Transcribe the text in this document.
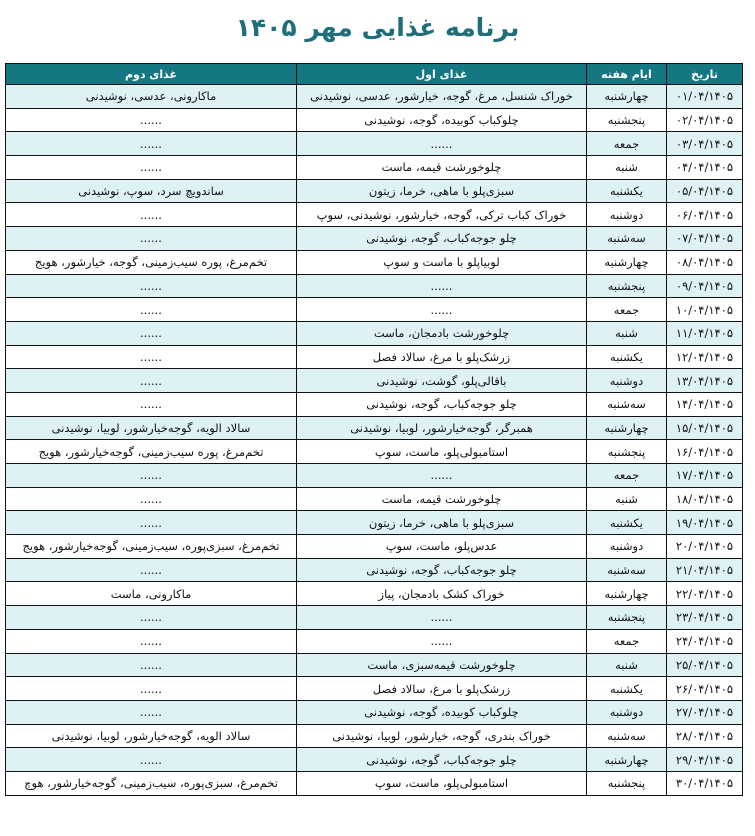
برنامه غذایی مهر ۱۴۰۵
تاریخ	ایام هفته	غذای اول	غذای دوم
۰۱/۰۴/۱۴۰۵	چهارشنبه	خوراک شنسل، مرغ، گوجه، خیارشور، عدسی، نوشیدنی	ماکارونی، عدسی، نوشیدنی
۰۲/۰۴/۱۴۰۵	پنجشنبه	چلوکباب کوبیده، گوجه، نوشیدنی	......
۰۳/۰۴/۱۴۰۵	جمعه	......	......
۰۴/۰۴/۱۴۰۵	شنبه	چلوخورشت قیمه، ماست	......
۰۵/۰۴/۱۴۰۵	یکشنبه	سبزی‌پلو با ماهی، خرما، زیتون	ساندویچ سرد، سوپ، نوشیدنی
۰۶/۰۴/۱۴۰۵	دوشنبه	خوراک کباب ترکی، گوجه، خیارشور، نوشیدنی، سوپ	......
۰۷/۰۴/۱۴۰۵	سه‌شنبه	چلو جوجه‌کباب، گوجه، نوشیدنی	......
۰۸/۰۴/۱۴۰۵	چهارشنبه	لوبیاپلو با ماست و سوپ	تخم‌مرغ، پوره سیب‌زمینی، گوجه، خیارشور، هویج
۰۹/۰۴/۱۴۰۵	پنجشنبه	......	......
۱۰/۰۴/۱۴۰۵	جمعه	......	......
۱۱/۰۴/۱۴۰۵	شنبه	چلوخورشت بادمجان، ماست	......
۱۲/۰۴/۱۴۰۵	یکشنبه	زرشک‌پلو با مرغ، سالاد فصل	......
۱۳/۰۴/۱۴۰۵	دوشنبه	باقالی‌پلو، گوشت، نوشیدنی	......
۱۴/۰۴/۱۴۰۵	سه‌شنبه	چلو جوجه‌کباب، گوجه، نوشیدنی	......
۱۵/۰۴/۱۴۰۵	چهارشنبه	همبرگر، گوجه‌خیارشور، لوبیا، نوشیدنی	سالاد الویه، گوجه‌خیارشور، لوبیا، نوشیدنی
۱۶/۰۴/۱۴۰۵	پنجشنبه	استامبولی‌پلو، ماست، سوپ	تخم‌مرغ، پوره سیب‌زمینی، گوجه‌خیارشور، هویج
۱۷/۰۴/۱۴۰۵	جمعه	......	......
۱۸/۰۴/۱۴۰۵	شنبه	چلوخورشت قیمه، ماست	......
۱۹/۰۴/۱۴۰۵	یکشنبه	سبزی‌پلو با ماهی، خرما، زیتون	......
۲۰/۰۴/۱۴۰۵	دوشنبه	عدس‌پلو، ماست، سوپ	تخم‌مرغ، سبزی‌پوره، سیب‌زمینی، گوجه‌خیارشور، هویج
۲۱/۰۴/۱۴۰۵	سه‌شنبه	چلو جوجه‌کباب، گوجه، نوشیدنی	......
۲۲/۰۴/۱۴۰۵	چهارشنبه	خوراک کشک بادمجان، پیاز	ماکارونی، ماست
۲۳/۰۴/۱۴۰۵	پنجشنبه	......	......
۲۴/۰۴/۱۴۰۵	جمعه	......	......
۲۵/۰۴/۱۴۰۵	شنبه	چلوخورشت قیمه‌سبزی، ماست	......
۲۶/۰۴/۱۴۰۵	یکشنبه	زرشک‌پلو با مرغ، سالاد فصل	......
۲۷/۰۴/۱۴۰۵	دوشنبه	چلوکباب کوبیده، گوجه، نوشیدنی	......
۲۸/۰۴/۱۴۰۵	سه‌شنبه	خوراک بندری، گوجه، خیارشور، لوبیا، نوشیدنی	سالاد الویه، گوجه‌خیارشور، لوبیا، نوشیدنی
۲۹/۰۴/۱۴۰۵	چهارشنبه	چلو جوجه‌کباب، گوجه، نوشیدنی	......
۳۰/۰۴/۱۴۰۵	پنجشنبه	استامبولی‌پلو، ماست، سوپ	تخم‌مرغ، سبزی‌پوره، سیب‌زمینی، گوجه‌خیارشور، هوچ
